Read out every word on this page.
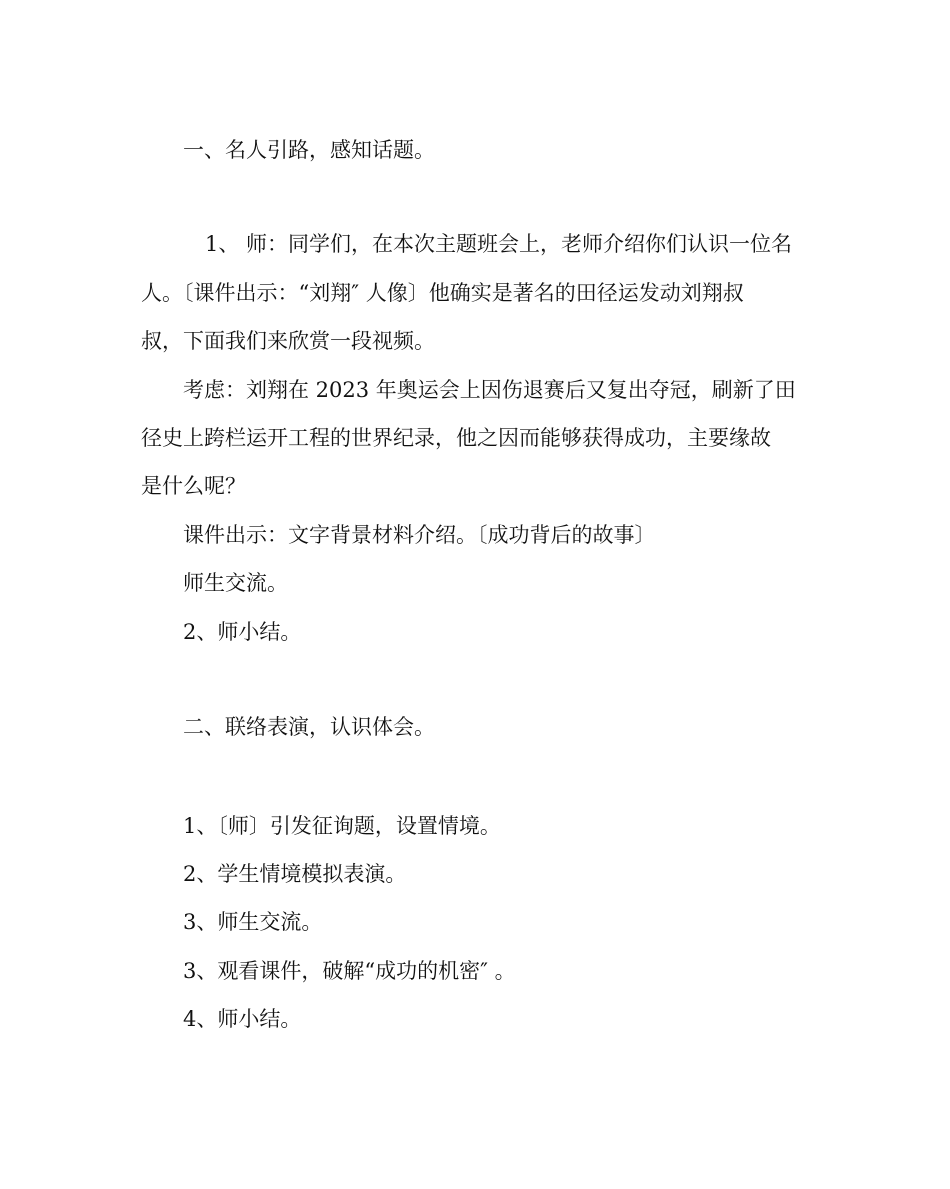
一、名人引路，感知话题。
1、 师：同学们，在本次主题班会上，老师介绍你们认识一位名
人。〔课件出示：“刘翔″ 人像〕他确实是著名的田径运发动刘翔叔
叔，下面我们来欣赏一段视频。
考虑：刘翔在 2023 年奥运会上因伤退赛后又复出夺冠，刷新了田
径史上跨栏运开工程的世界纪录，他之因而能够获得成功，主要缘故
是什么呢？
课件出示：文字背景材料介绍。〔成功背后的故事〕
师生交流。
2、师小结。
二、联络表演，认识体会。
1、〔师〕引发征询题，设置情境。
2、学生情境模拟表演。
3、师生交流。
3、观看课件，破解“成功的机密″ 。
4、师小结。
